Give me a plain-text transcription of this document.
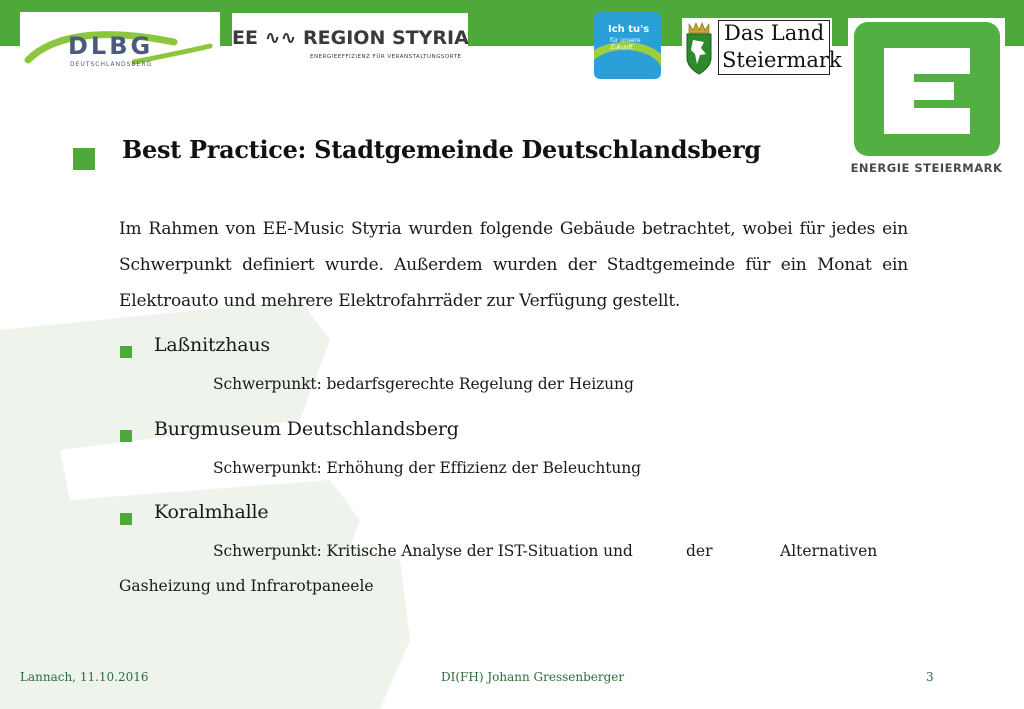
DLBG
DEUTSCHLANDSBERG
EE ∿∿ REGION STYRIA
ENERGIEEFFIZIENZ FÜR VERANSTALTUNGSORTE
Ich tu's
für unsere Zukunft
Das Land
Steiermark
ENERGIE STEIERMARK
Best Practice: Stadtgemeinde Deutschlandsberg
Im Rahmen von EE-Music Styria wurden folgende Gebäude betrachtet, wobei für jedes ein
Schwerpunkt definiert wurde. Außerdem wurden der Stadtgemeinde für ein Monat ein
Elektroauto und mehrere Elektrofahrräder zur Verfügung gestellt.
Laßnitzhaus
Schwerpunkt: bedarfsgerechte Regelung der Heizung
Burgmuseum Deutschlandsberg
Schwerpunkt: Erhöhung der Effizienz der Beleuchtung
Koralmhalle
Schwerpunkt: Kritische Analyse der IST-Situation und	der	Alternativen
Gasheizung und Infrarotpaneele
Lannach, 11.10.2016	DI(FH) Johann Gressenberger	3
